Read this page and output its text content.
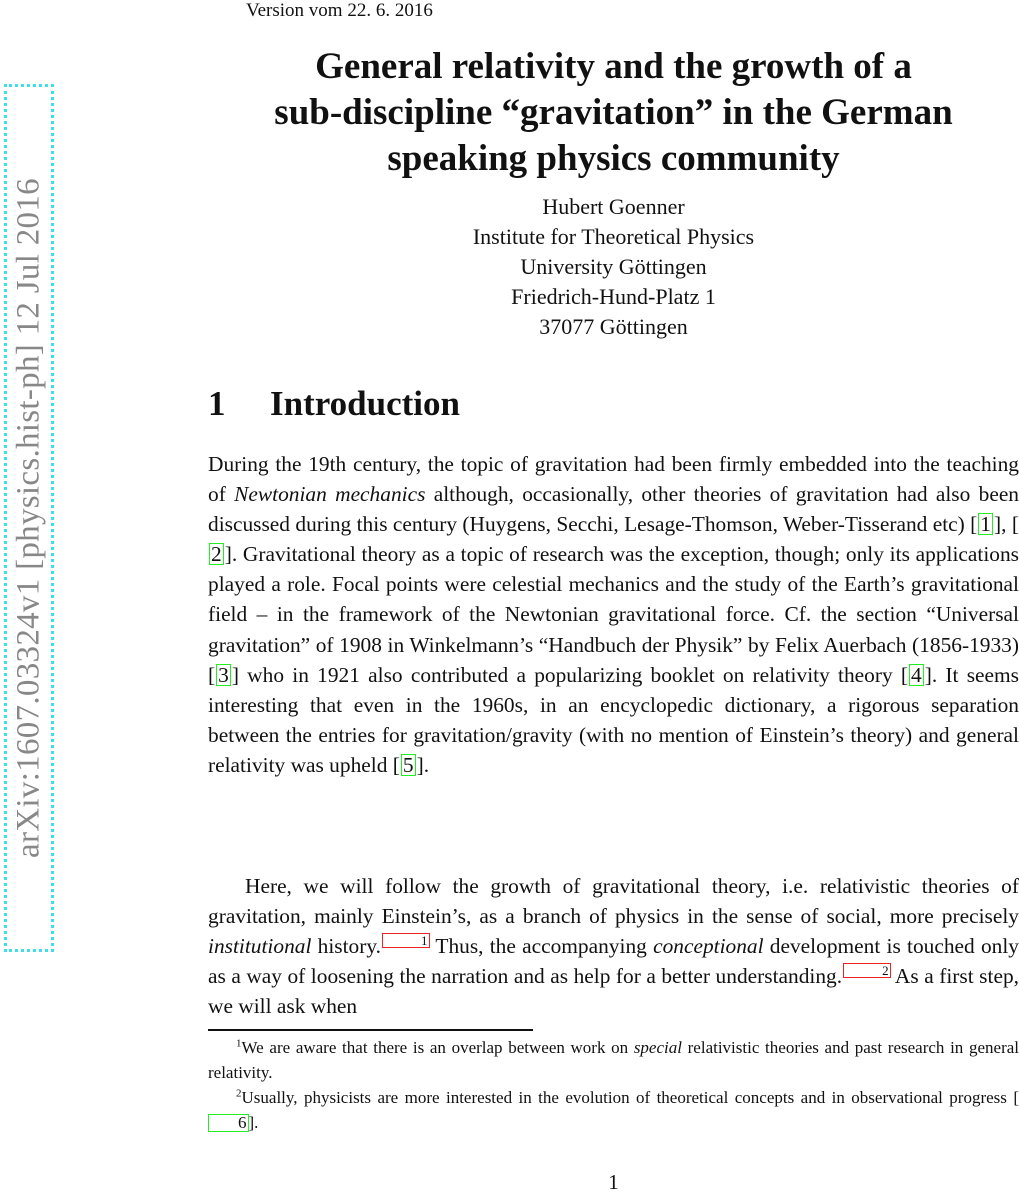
arXiv:1607.03324v1 [physics.hist-ph] 12 Jul 2016
Version vom 22. 6. 2016
General relativity and the growth of a
sub-discipline “gravitation” in the German
speaking physics community
Hubert Goenner
Institute for Theoretical Physics
University Göttingen
Friedrich-Hund-Platz 1
37077 Göttingen
1 Introduction

During the 19th century, the topic of gravitation had been firmly embedded into the teaching of Newtonian mechanics although, occasionally, other theories of gravitation had also been discussed during this century (Huygens, Secchi, Lesage-Thomson, Weber-Tisserand etc) [ 1 ], [2 ]. Gravitational theory as a topic of research was the exception, though; only its applications played a role. Focal points were celestial mechanics and the study of the Earth’s gravitational field – in the framework of the Newtonian gravitational force. Cf. the section “Universal gravitation” of 1908 in Winkelmann’s “Handbuch der Physik” by Felix Auerbach (1856-1933) [ 3 ] who in 1921 also contributed a popularizing booklet on relativity theory [ 4 ]. It seems interesting that even in the 1960s, in an encyclopedic dictionary, a rigorous separation between the entries for gravitation/gravity (with no mention of Einstein’s theory) and general relativity was upheld [ 5 ].

Here, we will follow the growth of gravitational theory, i.e. relativistic theories of gravitation, mainly Einstein’s, as a branch of physics in the sense of social, more precisely institutional history.	1 Thus, the accompanying conceptional development is touched only as a way of loosening the narration and as help for a better understanding.	2 As a first step, we will ask when

$^1$We are aware that there is an overlap between work on special relativistic theories and past research in general relativity.

$^2$Usually, physicists are more interested in the evolution of theoretical concepts and in observational progress [6 ].

1
